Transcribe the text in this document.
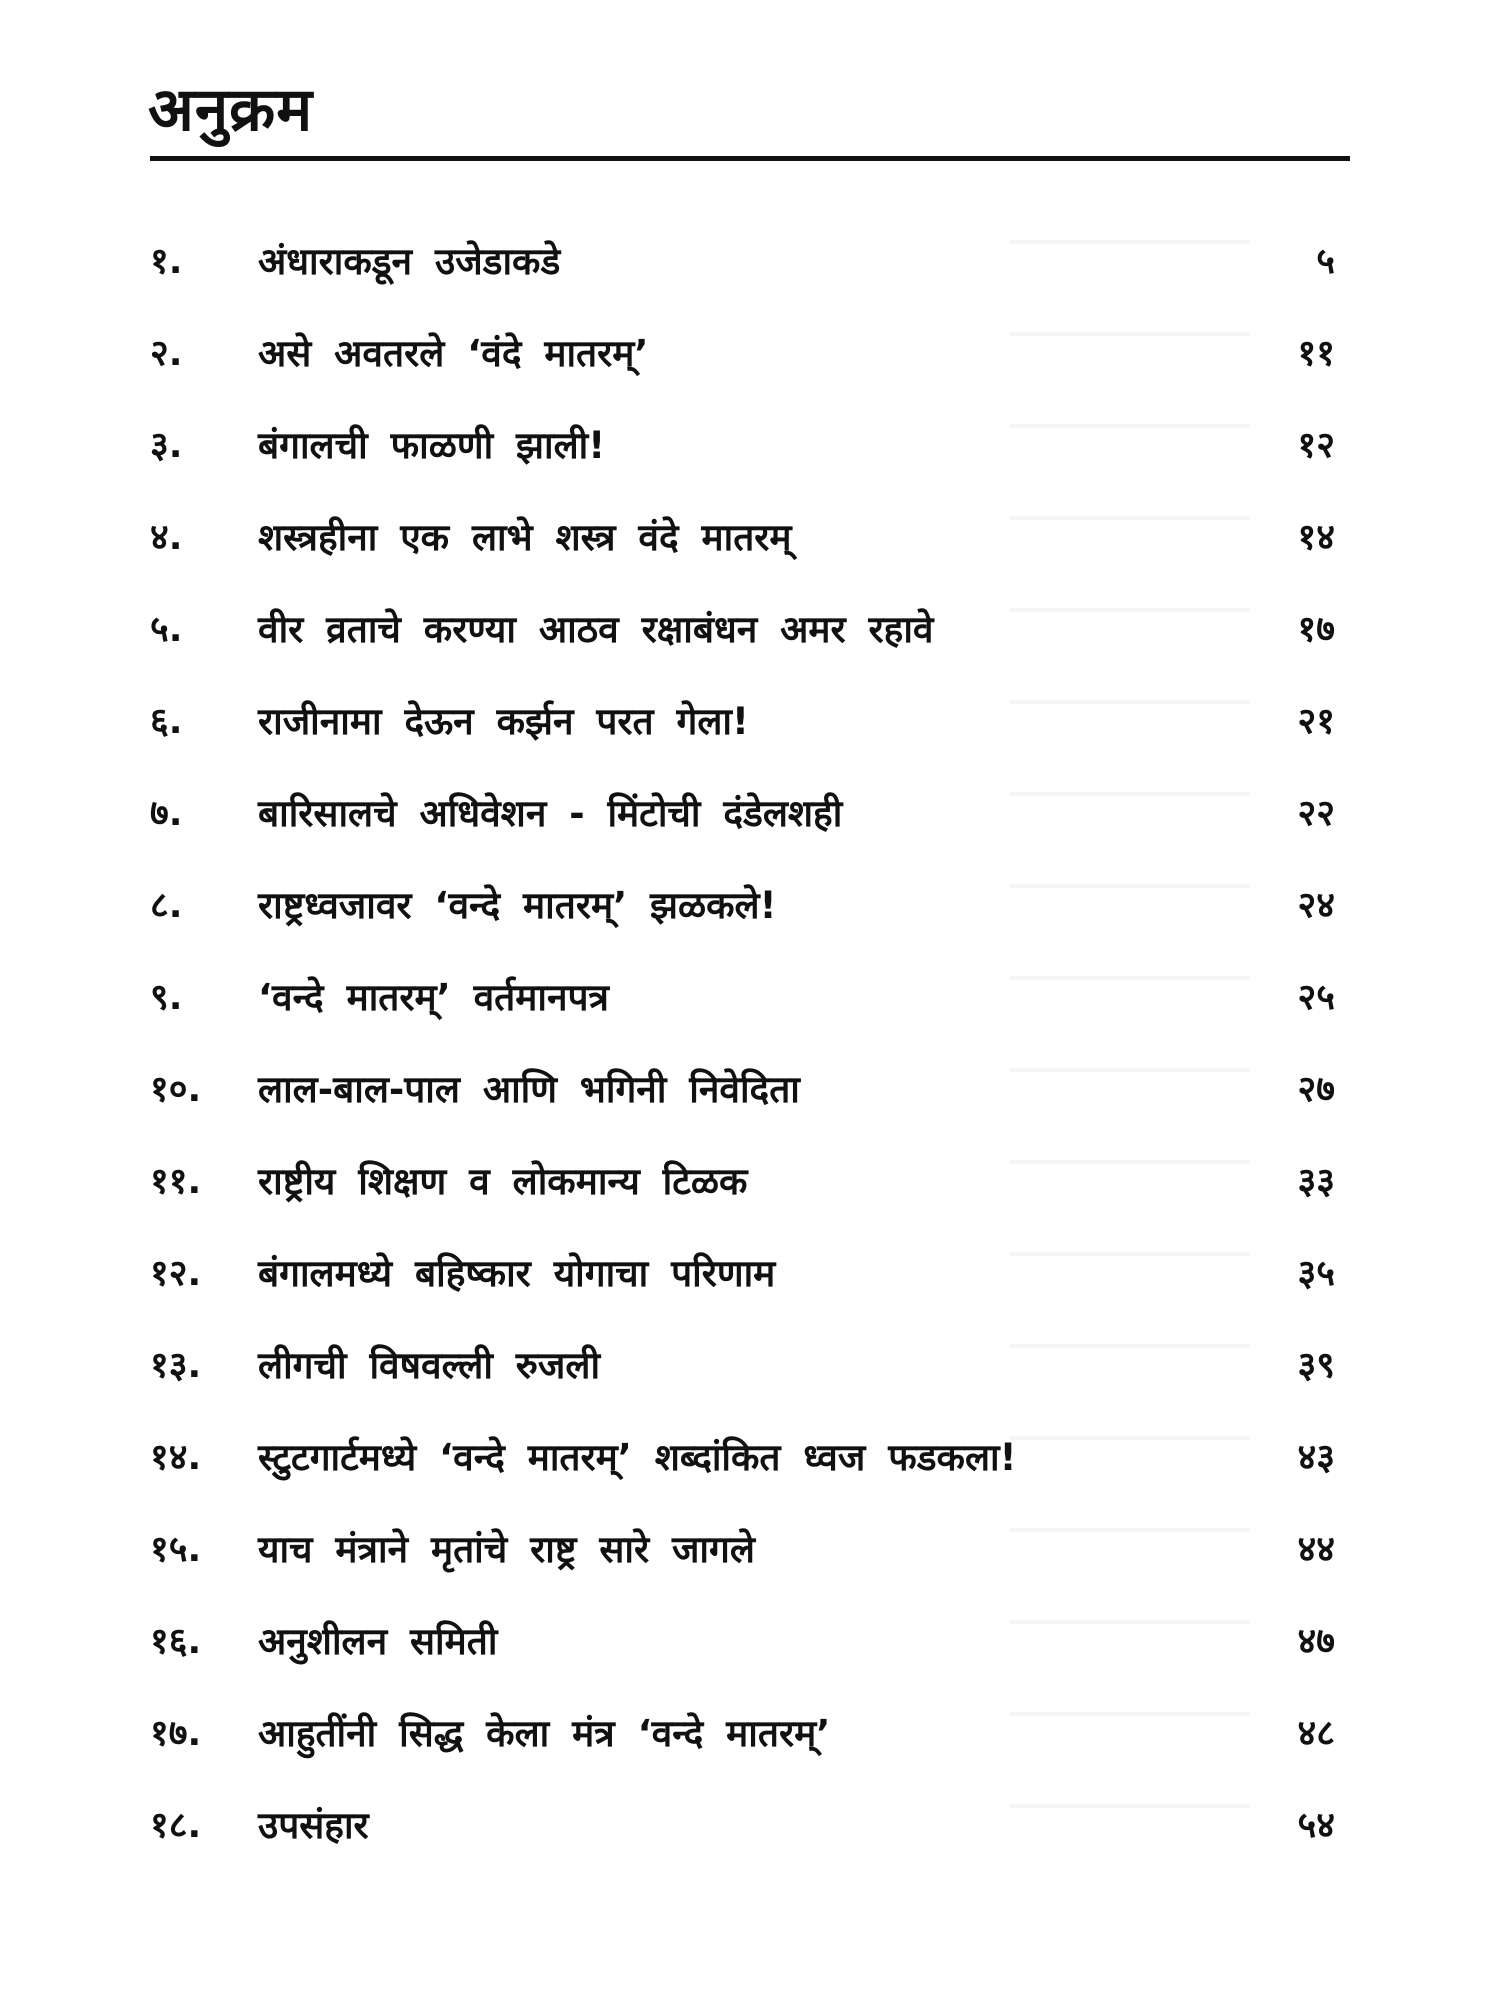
अनुक्रम
१.	अंधाराकडून उजेडाकडे	५
२.	असे अवतरले ‘वंदे मातरम्’	११
३.	बंगालची फाळणी झाली!	१२
४.	शस्त्रहीना एक लाभे शस्त्र वंदे मातरम्	१४
५.	वीर व्रताचे करण्या आठव रक्षाबंधन अमर रहावे	१७
६.	राजीनामा देऊन कर्झन परत गेला!	२१
७.	बारिसालचे अधिवेशन - मिंटोची दंडेलशही	२२
८.	राष्ट्रध्वजावर ‘वन्दे मातरम्’ झळकले!	२४
९.	‘वन्दे मातरम्’ वर्तमानपत्र	२५
१०.	लाल-बाल-पाल आणि भगिनी निवेदिता	२७
११.	राष्ट्रीय शिक्षण व लोकमान्य टिळक	३३
१२.	बंगालमध्ये बहिष्कार योगाचा परिणाम	३५
१३.	लीगची विषवल्ली रुजली	३९
१४.	स्टुटगार्टमध्ये ‘वन्दे मातरम्’ शब्दांकित ध्वज फडकला!	४३
१५.	याच मंत्राने मृतांचे राष्ट्र सारे जागले	४४
१६.	अनुशीलन समिती	४७
१७.	आहुतींनी सिद्ध केला मंत्र ‘वन्दे मातरम्’	४८
१८.	उपसंहार	५४
